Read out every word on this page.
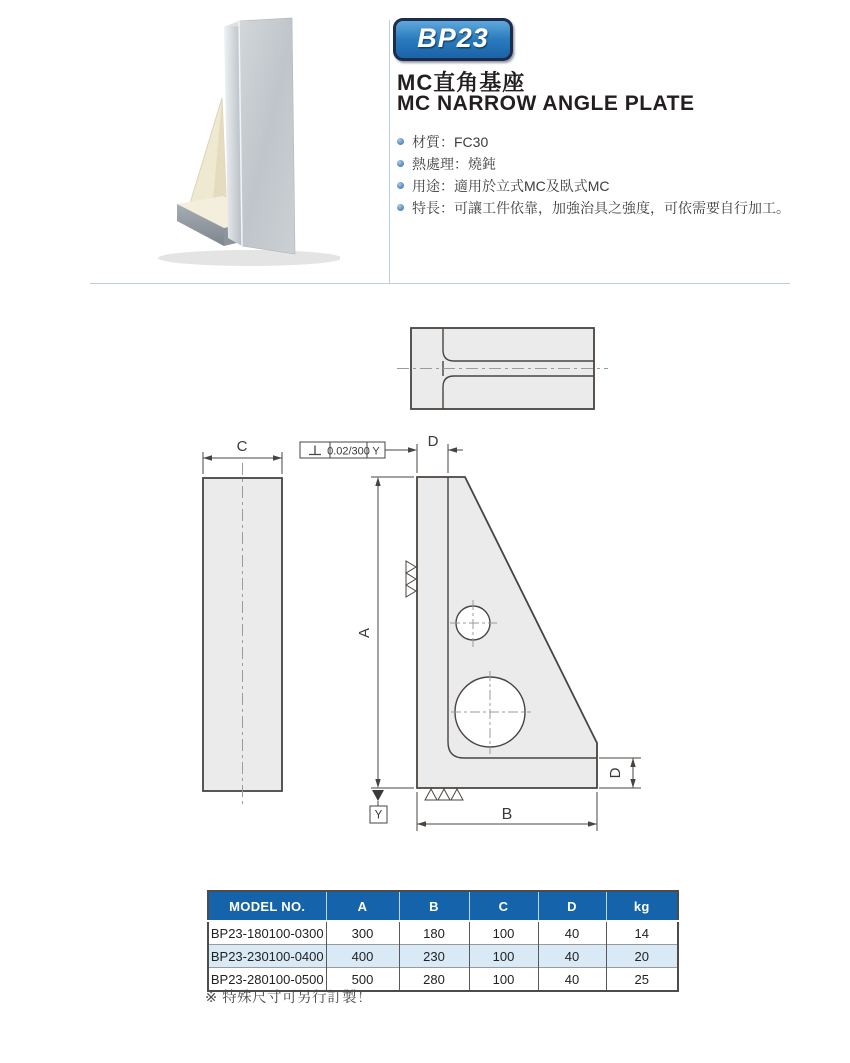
BP23
MC直角基座
MC NARROW ANGLE PLATE
材質：FC30
熱處理：燒鈍
用途：適用於立式MC及臥式MC
特長：可讓工件依靠，加強治具之強度，可依需要自行加工。
C	0.02/300 Y
D
A
Y
D
B
MODEL NO.	A	B	C	D	kg
BP23-180100-0300	300	180	100	40	14
BP23-230100-0400	400	230	100	40	20
BP23-280100-0500	500	280	100	40	25
※ 特殊尺寸可另行訂製！
